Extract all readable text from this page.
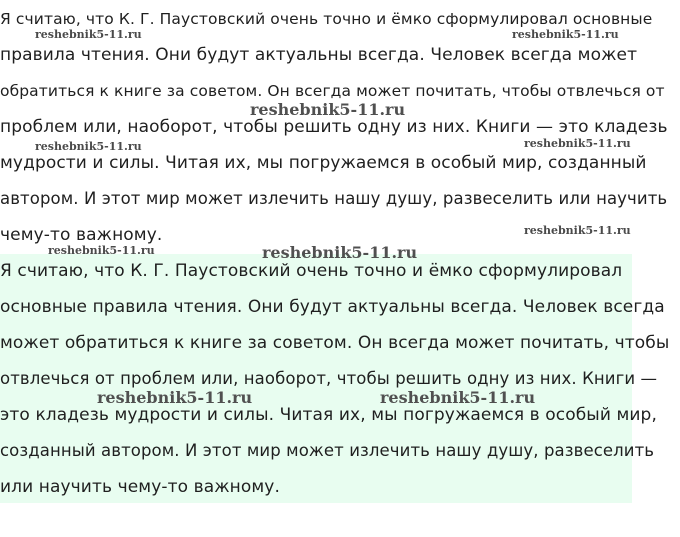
Я считаю, что К. Г. Паустовский очень точно и ёмко сформулировал основные
правила чтения. Они будут актуальны всегда. Человек всегда может
обратиться к книге за советом. Он всегда может почитать, чтобы отвлечься от
проблем или, наоборот, чтобы решить одну из них. Книги — это кладезь
мудрости и силы. Читая их, мы погружаемся в особый мир, созданный
автором. И этот мир может излечить нашу душу, развеселить или научить
чему-то важному.
Я считаю, что К. Г. Паустовский очень точно и ёмко сформулировал
основные правила чтения. Они будут актуальны всегда. Человек всегда
может обратиться к книге за советом. Он всегда может почитать, чтобы
отвлечься от проблем или, наоборот, чтобы решить одну из них. Книги —
это кладезь мудрости и силы. Читая их, мы погружаемся в особый мир,
созданный автором. И этот мир может излечить нашу душу, развеселить
или научить чему-то важному.
reshebnik5-11.ru	reshebnik5-11.ru
reshebnik5-11.ru
reshebnik5-11.ru	reshebnik5-11.ru
reshebnik5-11.ru
reshebnik5-11.ru	reshebnik5-11.ru
reshebnik5-11.ru	reshebnik5-11.ru
